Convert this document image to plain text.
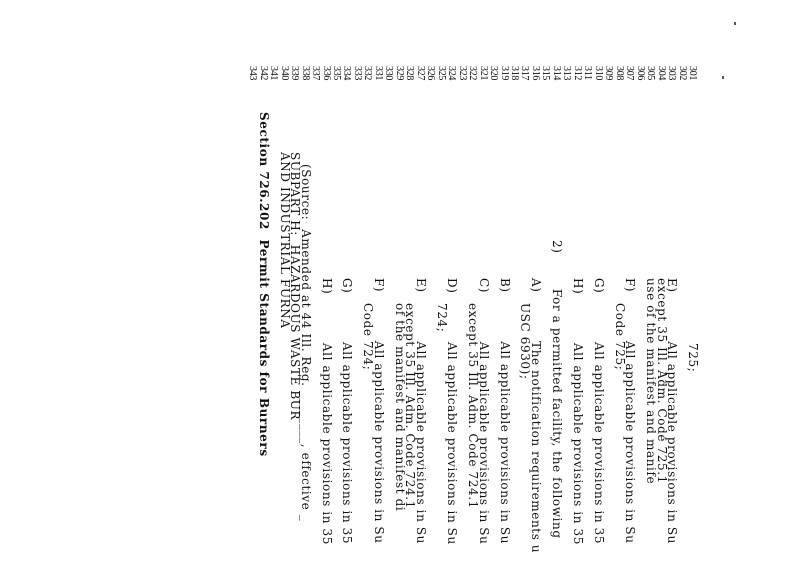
301
725;
302
303
E)           All applicable provisions in Su
304
except 35 Ill. Adm. Code 725.1
305
use of the manifest and manife
306
307
F)           All applicable provisions in Su
308
Code 725;
309
310
G)           All applicable provisions in 35
311
312
H)           All applicable provisions in 35
313
314
2)        For a permitted facility, the following
315
316
A)           The notification requirements u
317
USC 6930);
318
319
B)           All applicable provisions in Su
320
321
C)           All applicable provisions in Su
322
except 35 Ill. Adm. Code 724.1
323
324
D)           All applicable provisions in Su
325
724;
326
327
E)           All applicable provisions in Su
328
except 35 Ill. Adm. Code 724.1
329
of the manifest and manifest di
330
331
F)           All applicable provisions in Su
332
Code 724;
333
334
G)           All applicable provisions in 35
335
336
H)           All applicable provisions in 35
337
338
(Source:  Amended at 44 Ill. Reg. ________, effective _
339
SUBPART H:  HAZARDOUS WASTE BUR
340
AND INDUSTRIAL FURNA
341
342
Section 726.202  Permit Standards for Burners
343
